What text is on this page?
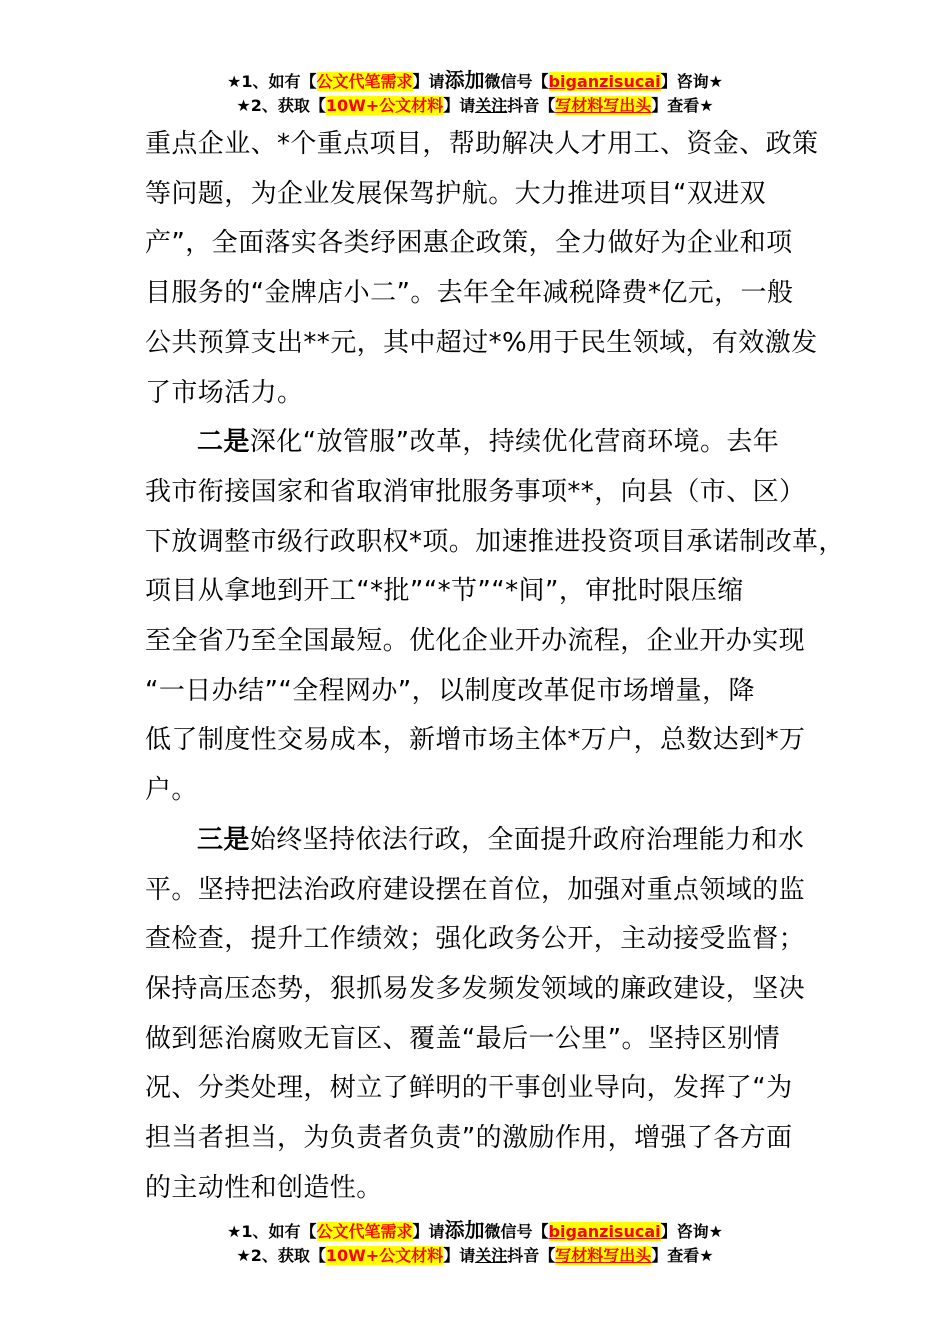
★1、如有【公文代笔需求】请添加微信号【biganzisucai】咨询★
★2、获取【10W+公文材料】请关注抖音【写材料写出头】查看★

重点企业、*个重点项目，帮助解决人才用工、资金、政策
等问题，为企业发展保驾护航。大力推进项目“双进双
产”，全面落实各类纾困惠企政策，全力做好为企业和项
目服务的“金牌店小二”。去年全年减税降费*亿元，一般
公共预算支出**元，其中超过*%用于民生领域，有效激发
了市场活力。

二是深化“放管服”改革，持续优化营商环境。去年
我市衔接国家和省取消审批服务事项**，向县（市、区）
下放调整市级行政职权*项。加速推进投资项目承诺制改革，
项目从拿地到开工“*批”“*节”“*间”，审批时限压缩
至全省乃至全国最短。优化企业开办流程，企业开办实现
“一日办结”“全程网办”，以制度改革促市场增量，降
低了制度性交易成本，新增市场主体*万户，总数达到*万
户。

三是始终坚持依法行政，全面提升政府治理能力和水
平。坚持把法治政府建设摆在首位，加强对重点领域的监
查检查，提升工作绩效；强化政务公开，主动接受监督；
保持高压态势，狠抓易发多发频发领域的廉政建设，坚决
做到惩治腐败无盲区、覆盖“最后一公里”。坚持区别情
况、分类处理，树立了鲜明的干事创业导向，发挥了“为
担当者担当，为负责者负责”的激励作用，增强了各方面
的主动性和创造性。

★1、如有【公文代笔需求】请添加微信号【biganzisucai】咨询★
★2、获取【10W+公文材料】请关注抖音【写材料写出头】查看★
